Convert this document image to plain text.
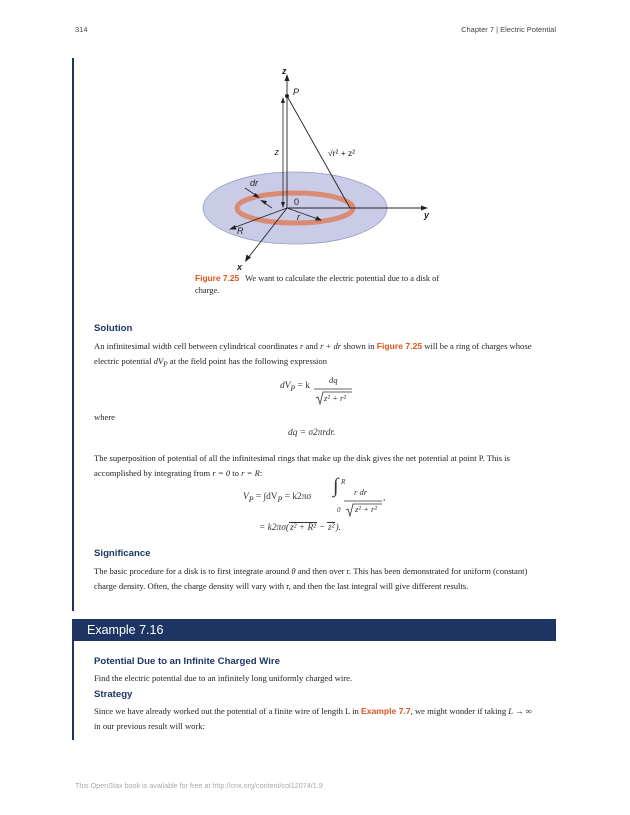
314	Chapter 7 | Electric Potential
z
P
z	√r² + z²
dr
0
r
R
y
x
Figure 7.25 We want to calculate the electric potential due to a disk of charge.
Solution
An infinitesimal width cell between cylindrical coordinates r and r + dr shown in Figure 7.25 will be a ring of charges whose electric potential $dV_P$ at the field point has the following expression
$dV_P = k$
dq
z² + r²
where
dq = σ2πrdr.
The superposition of potential of all the infinitesimal rings that make up the disk gives the net potential at point P. This is accomplished by integrating from r = 0 to r = R:
$V_P = \int dV_P = k2\pi\sigma$ ∫ R
0
r dr
z² + r²
,
= k2πσ(z² + R² − z²).
Significance
The basic procedure for a disk is to first integrate around θ and then over r. This has been demonstrated for uniform (constant) charge density. Often, the charge density will vary with r, and then the last integral will give different results.
Example 7.16
Potential Due to an Infinite Charged Wire
Find the electric potential due to an infinitely long uniformly charged wire.
Strategy
Since we have already worked out the potential of a finite wire of length L in Example 7.7, we might wonder if taking L → ∞ in our previous result will work:
This OpenStax book is available for free at http://cnx.org/content/col12074/1.9
